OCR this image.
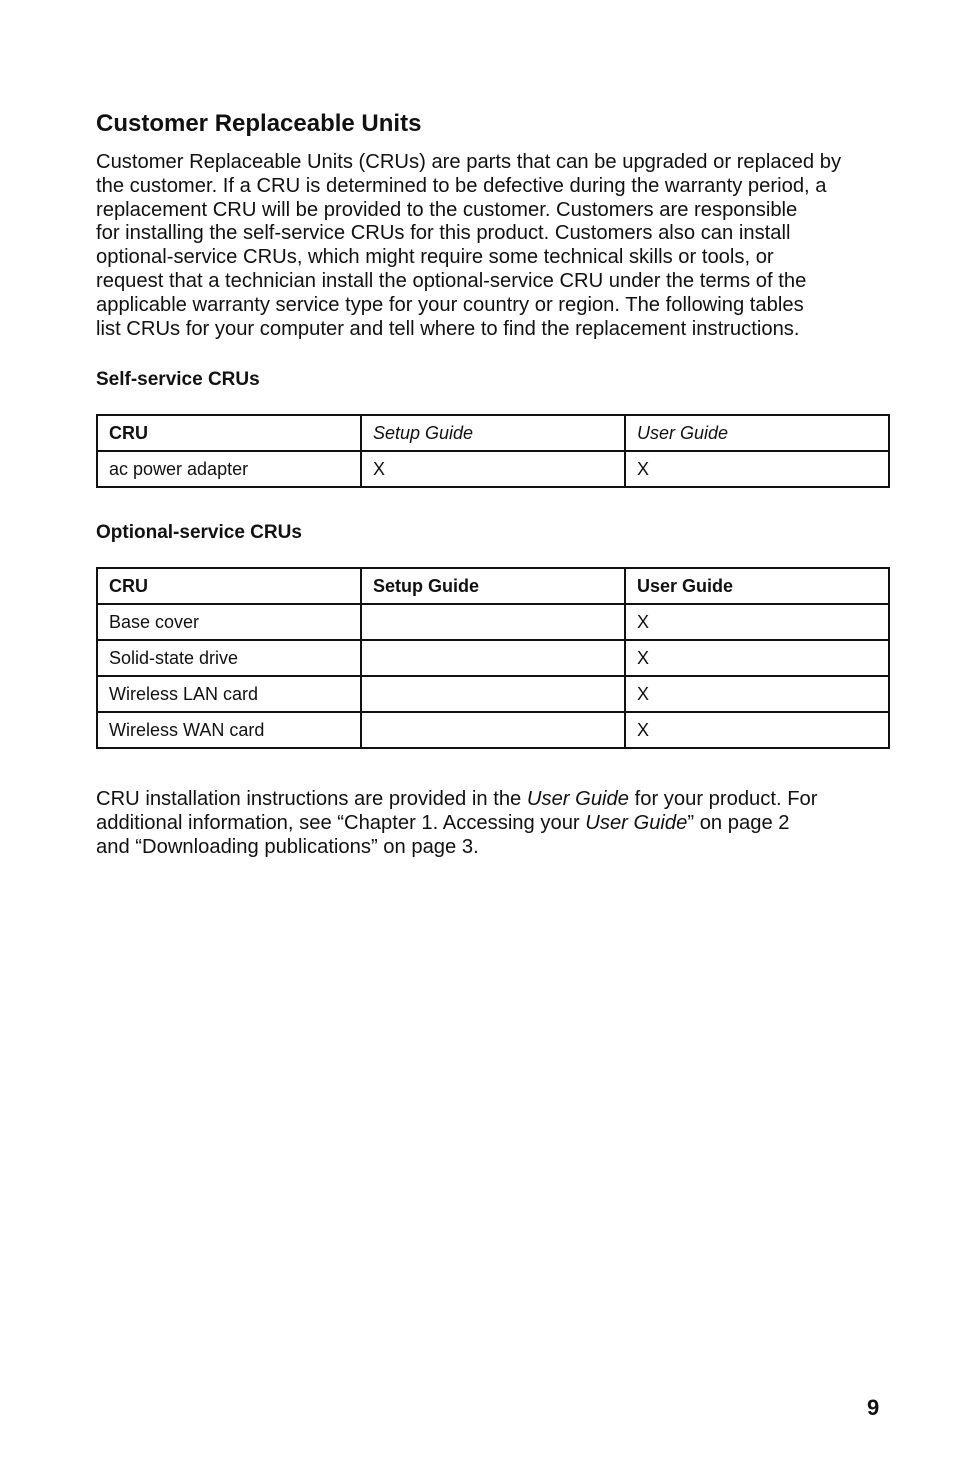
Customer Replaceable Units

Customer Replaceable Units (CRUs) are parts that can be upgraded or replaced by
the customer. If a CRU is determined to be defective during the warranty period, a
replacement CRU will be provided to the customer. Customers are responsible
for installing the self-service CRUs for this product. Customers also can install
optional-service CRUs, which might require some technical skills or tools, or
request that a technician install the optional-service CRU under the terms of the
applicable warranty service type for your country or region. The following tables
list CRUs for your computer and tell where to find the replacement instructions.

Self-service CRUs
CRU	Setup Guide	User Guide
ac power adapter	X	X
Optional-service CRUs
CRU	Setup Guide	User Guide
Base cover		X
Solid-state drive		X
Wireless LAN card		X
Wireless WAN card		X

CRU installation instructions are provided in the User Guide for your product. For
additional information, see “Chapter 1. Accessing your User Guide” on page 2
and “Downloading publications” on page 3.

9
